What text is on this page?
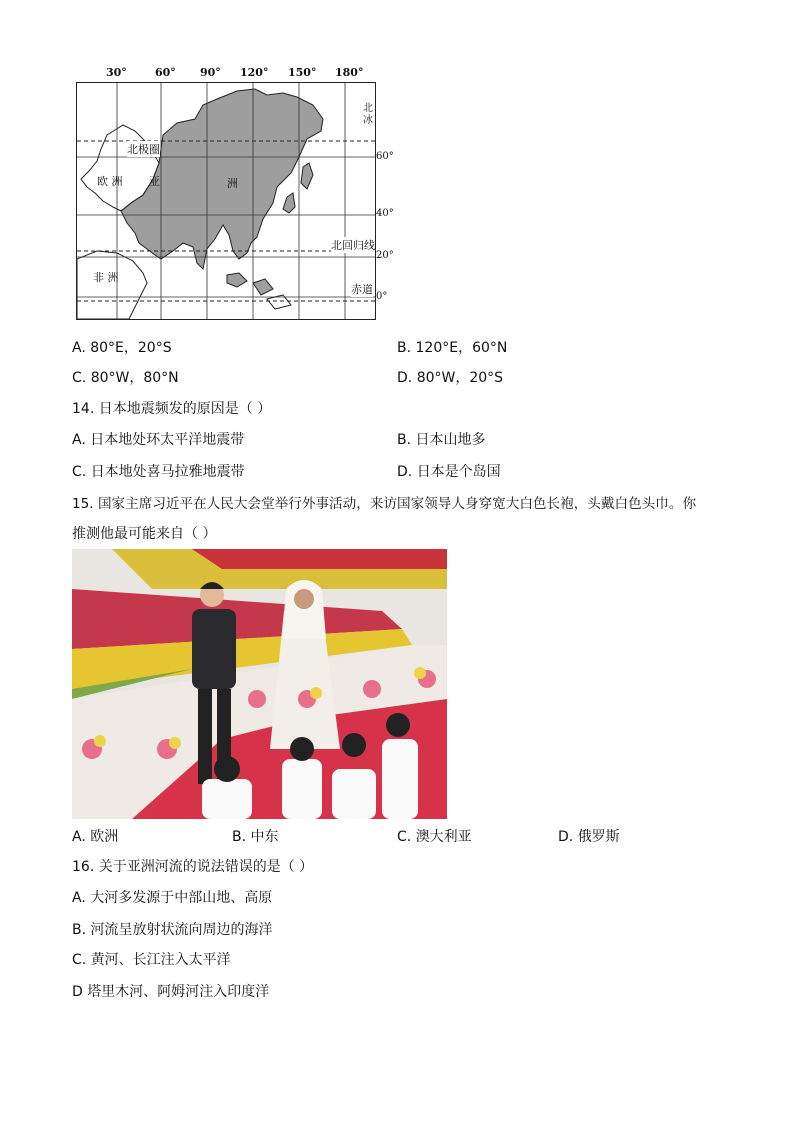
30°	60° 90° 120° 150° 180°
60°
40°
20°
0°
北极圈
北回归线
赤道
欧 洲 亚	洲
非 洲
北冰
A. 80°E，20°S	B. 120°E，60°N
C. 80°W，80°N	D. 80°W，20°S
14. 日本地震频发的原因是（ ）
A. 日本地处环太平洋地震带	B. 日本山地多
C. 日本地处喜马拉雅地震带	D. 日本是个岛国
15. 国家主席习近平在人民大会堂举行外事活动，来访国家领导人身穿宽大白色长袍，头戴白色头巾。你
推测他最可能来自（ ）
A. 欧洲	B. 中东	C. 澳大利亚	D. 俄罗斯
16. 关于亚洲河流的说法错误的是（ ）
A. 大河多发源于中部山地、高原
B. 河流呈放射状流向周边的海洋
C. 黄河、长江注入太平洋
D 塔里木河、阿姆河注入印度洋
